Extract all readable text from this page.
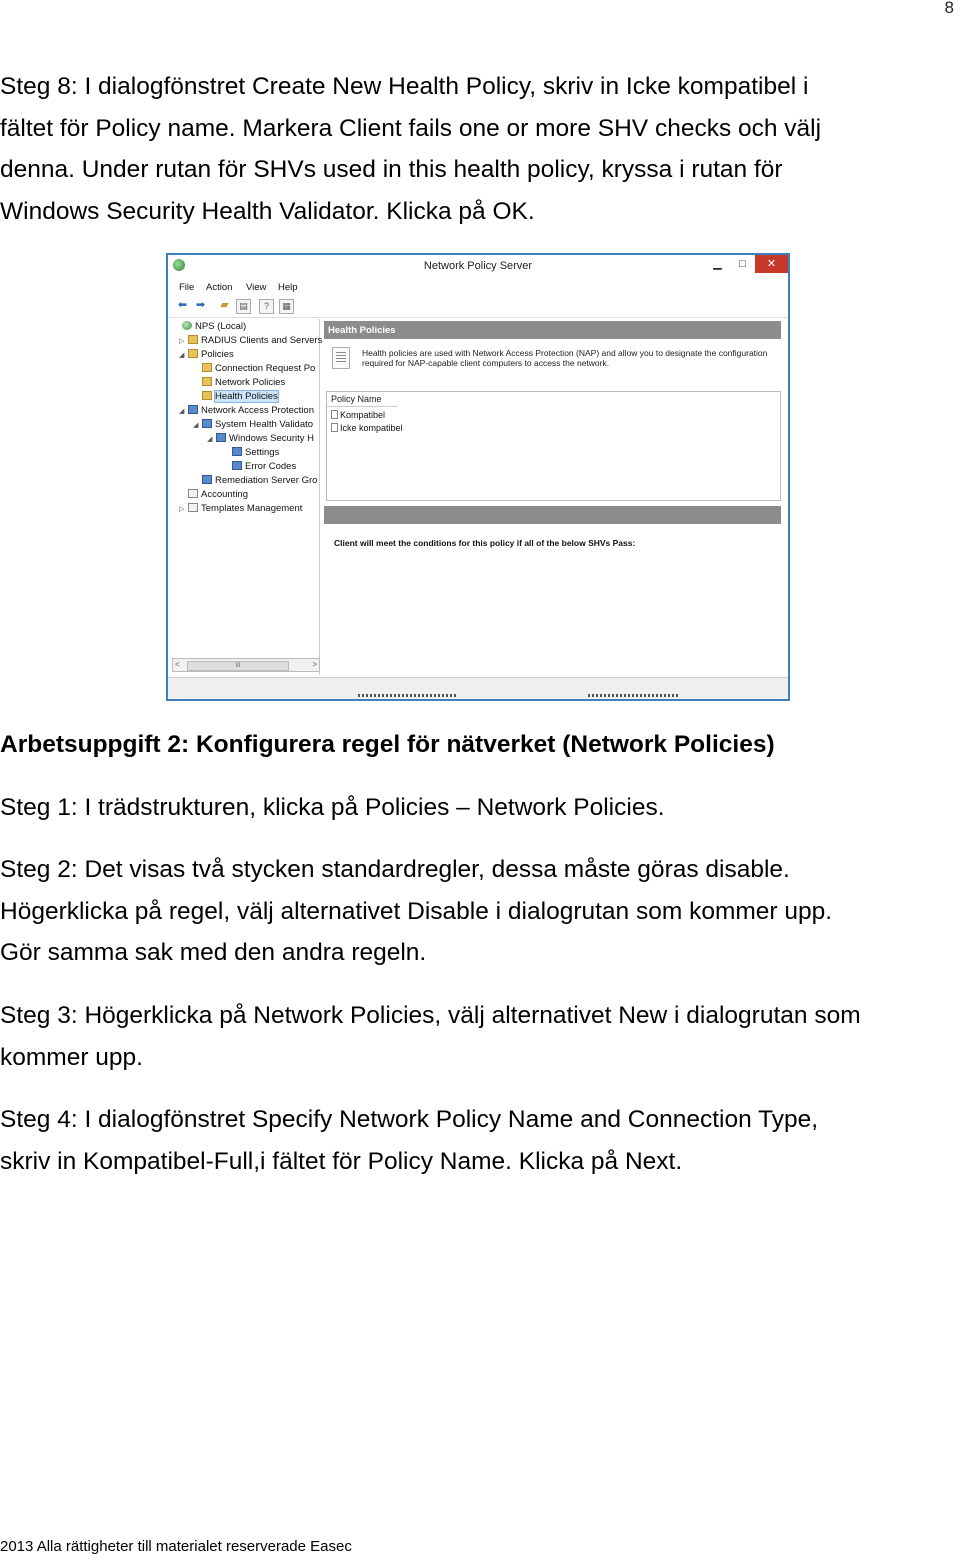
8

Steg 8: I dialogfönstret Create New Health Policy, skriv in Icke kompatibel i
fältet för Policy name. Markera Client fails one or more SHV checks och välj
denna. Under rutan för SHVs used in this health policy, kryssa i rutan för
Windows Security Health Validator. Klicka på OK.

Network Policy Server	▁	□	✕
File Action View Help
⬅ ➡ ▰	▤	?	▦
NPS (Local)
▷ RADIUS Clients and Servers
◢ Policies
Connection Request Po
Network Policies
Health Policies
◢ Network Access Protection
◢ System Health Validato
◢ Windows Security H
Settings
Error Codes
Remediation Server Gro
Accounting
▷ Templates Management
<	III	>
Health Policies
Health policies are used with Network Access Protection (NAP) and allow you to designate the configuration required for NAP-capable client computers to access the network.
Policy Name
Kompatibel
Icke kompatibel
Client will meet the conditions for this policy if all of the below SHVs Pass:

Arbetsuppgift 2: Konfigurera regel för nätverket (Network Policies)

Steg 1: I trädstrukturen, klicka på Policies – Network Policies.

Steg 2: Det visas två stycken standardregler, dessa måste göras disable.
Högerklicka på regel, välj alternativet Disable i dialogrutan som kommer upp.
Gör samma sak med den andra regeln.

Steg 3: Högerklicka på Network Policies, välj alternativet New i dialogrutan som
kommer upp.

Steg 4: I dialogfönstret Specify Network Policy Name and Connection Type,
skriv in Kompatibel-Full,i fältet för Policy Name. Klicka på Next.

2013 Alla rättigheter till materialet reserverade Easec
